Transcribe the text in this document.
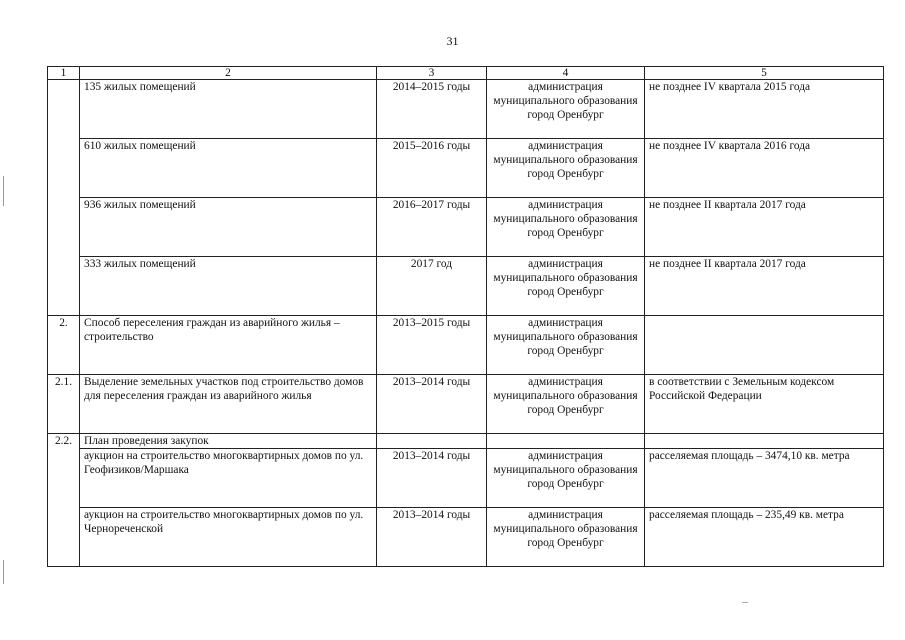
31
1	2	3	4	5
	135 жилых помещений	2014–2015 годы	администрация муниципального образования город Оренбург	не позднее IV квартала 2015 года
	610 жилых помещений	2015–2016 годы	администрация муниципального образования город Оренбург	не позднее IV квартала 2016 года
	936 жилых помещений	2016–2017 годы	администрация муниципального образования город Оренбург	не позднее II квартала 2017 года
	333 жилых помещений	2017 год	администрация муниципального образования город Оренбург	не позднее II квартала 2017 года
2.	Способ переселения граждан из аварийного жилья – строительство	2013–2015 годы	администрация муниципального образования город Оренбург	
2.1.	Выделение земельных участков под строительство домов для переселения граждан из аварийного жилья	2013–2014 годы	администрация муниципального образования город Оренбург	в соответствии с Земельным кодексом Российской Федерации
2.2.	План проведения закупок			
	аукцион на строительство многоквартирных домов по ул. Геофизиков/Маршака	2013–2014 годы	администрация муниципального образования город Оренбург	расселяемая площадь – 3474,10 кв. метра
	аукцион на строительство многоквартирных домов по ул. Чернореченской	2013–2014 годы	администрация муниципального образования город Оренбург	расселяемая площадь – 235,49 кв. метра
